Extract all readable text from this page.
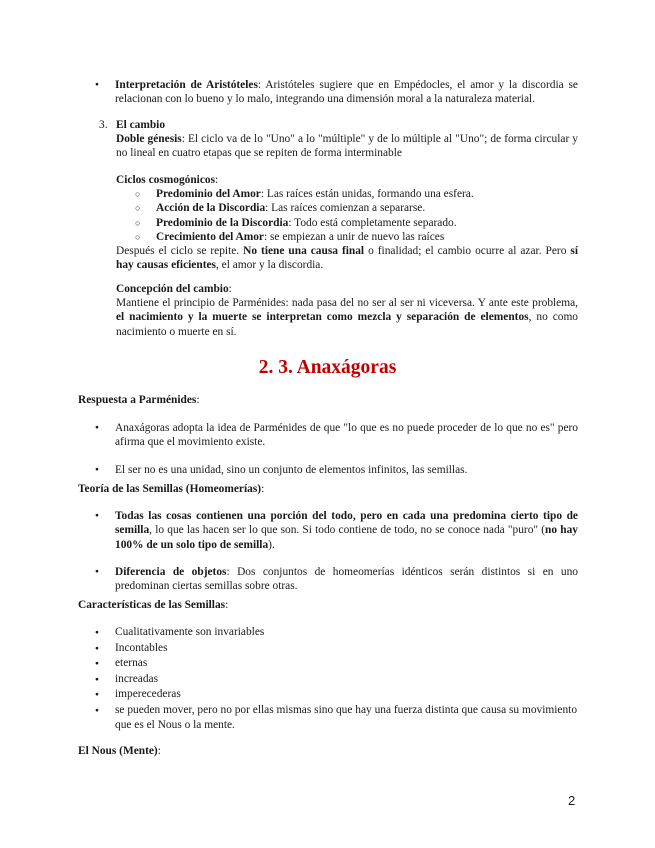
● Interpretación de Aristóteles: Aristóteles sugiere que en Empédocles, el amor y la discordia se relacionan con lo bueno y lo malo, integrando una dimensión moral a la naturaleza material.

3. El cambio

Doble génesis: El ciclo va de lo "Uno" a lo "múltiple" y de lo múltiple al "Uno"; de forma circular y no lineal en cuatro etapas que se repiten de forma interminable

Ciclos cosmogónicos:

○ Predominio del Amor: Las raíces están unidas, formando una esfera.

○ Acción de la Discordia: Las raíces comienzan a separarse.

○ Predominio de la Discordia: Todo está completamente separado.

○ Crecimiento del Amor: se empiezan a unir de nuevo las raíces

Después el ciclo se repite. No tiene una causa final o finalidad; el cambio ocurre al azar. Pero sí hay causas eficientes, el amor y la discordia.

Concepción del cambio:

Mantiene el principio de Parménides: nada pasa del no ser al ser ni viceversa. Y ante este problema, el nacimiento y la muerte se interpretan como mezcla y separación de elementos, no como nacimiento o muerte en sí.

2. 3. Anaxágoras

Respuesta a Parménides:

● Anaxágoras adopta la idea de Parménides de que "lo que es no puede proceder de lo que no es" pero afirma que el movimiento existe.

● El ser no es una unidad, sino un conjunto de elementos infinitos, las semillas.

Teoría de las Semillas (Homeomerías):

● Todas las cosas contienen una porción del todo, pero en cada una predomina cierto tipo de semilla, lo que las hacen ser lo que son. Si todo contiene de todo, no se conoce nada "puro" (no hay 100% de un solo tipo de semilla).

● Diferencia de objetos: Dos conjuntos de homeomerías idénticos serán distintos si en uno predominan ciertas semillas sobre otras.

Características de las Semillas:

● Cualitativamente son invariables

● Incontables

● eternas

● increadas

● imperecederas

● se pueden mover, pero no por ellas mismas sino que hay una fuerza distinta que causa su movimiento que es el Nous o la mente.

El Nous (Mente):

2
